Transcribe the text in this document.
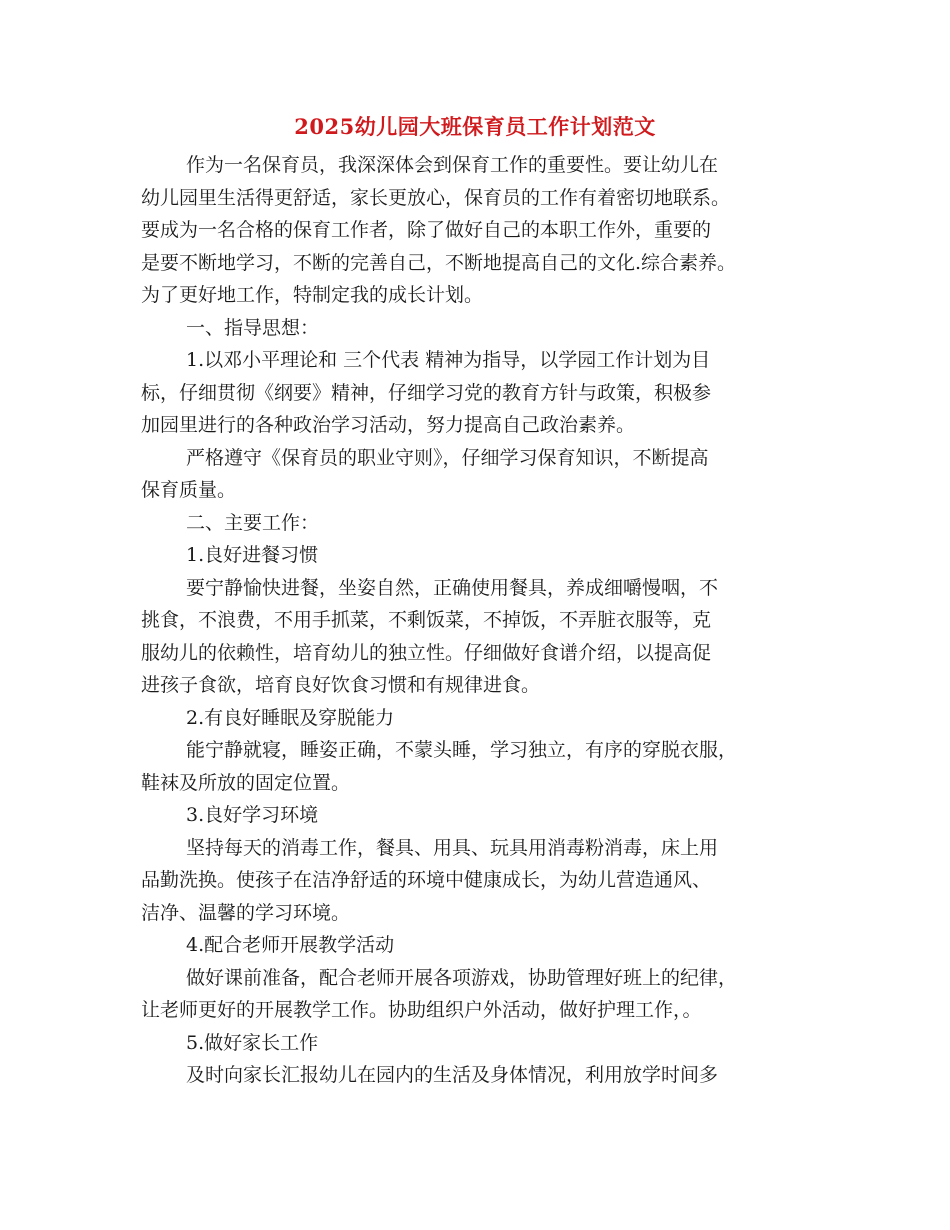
2025幼儿园大班保育员工作计划范文
作为一名保育员，我深深体会到保育工作的重要性。要让幼儿在
幼儿园里生活得更舒适，家长更放心，保育员的工作有着密切地联系。
要成为一名合格的保育工作者，除了做好自己的本职工作外，重要的
是要不断地学习，不断的完善自己，不断地提高自己的文化.综合素养。
为了更好地工作，特制定我的成长计划。
一、指导思想：
1.以邓小平理论和 三个代表 精神为指导，以学园工作计划为目
标，仔细贯彻《纲要》精神，仔细学习党的教育方针与政策，积极参
加园里进行的各种政治学习活动，努力提高自己政治素养。
严格遵守《保育员的职业守则》，仔细学习保育知识，不断提高
保育质量。
二、主要工作：
1.良好进餐习惯
要宁静愉快进餐，坐姿自然，正确使用餐具，养成细嚼慢咽，不
挑食，不浪费，不用手抓菜，不剩饭菜，不掉饭，不弄脏衣服等，克
服幼儿的依赖性，培育幼儿的独立性。仔细做好食谱介绍，以提高促
进孩子食欲，培育良好饮食习惯和有规律进食。
2.有良好睡眠及穿脱能力
能宁静就寝，睡姿正确，不蒙头睡，学习独立，有序的穿脱衣服，
鞋袜及所放的固定位置。
3.良好学习环境
坚持每天的消毒工作，餐具、用具、玩具用消毒粉消毒，床上用
品勤洗换。使孩子在洁净舒适的环境中健康成长，为幼儿营造通风、
洁净、温馨的学习环境。
4.配合老师开展教学活动
做好课前准备，配合老师开展各项游戏，协助管理好班上的纪律，
让老师更好的开展教学工作。协助组织户外活动，做好护理工作，。
5.做好家长工作
及时向家长汇报幼儿在园内的生活及身体情况，利用放学时间多
